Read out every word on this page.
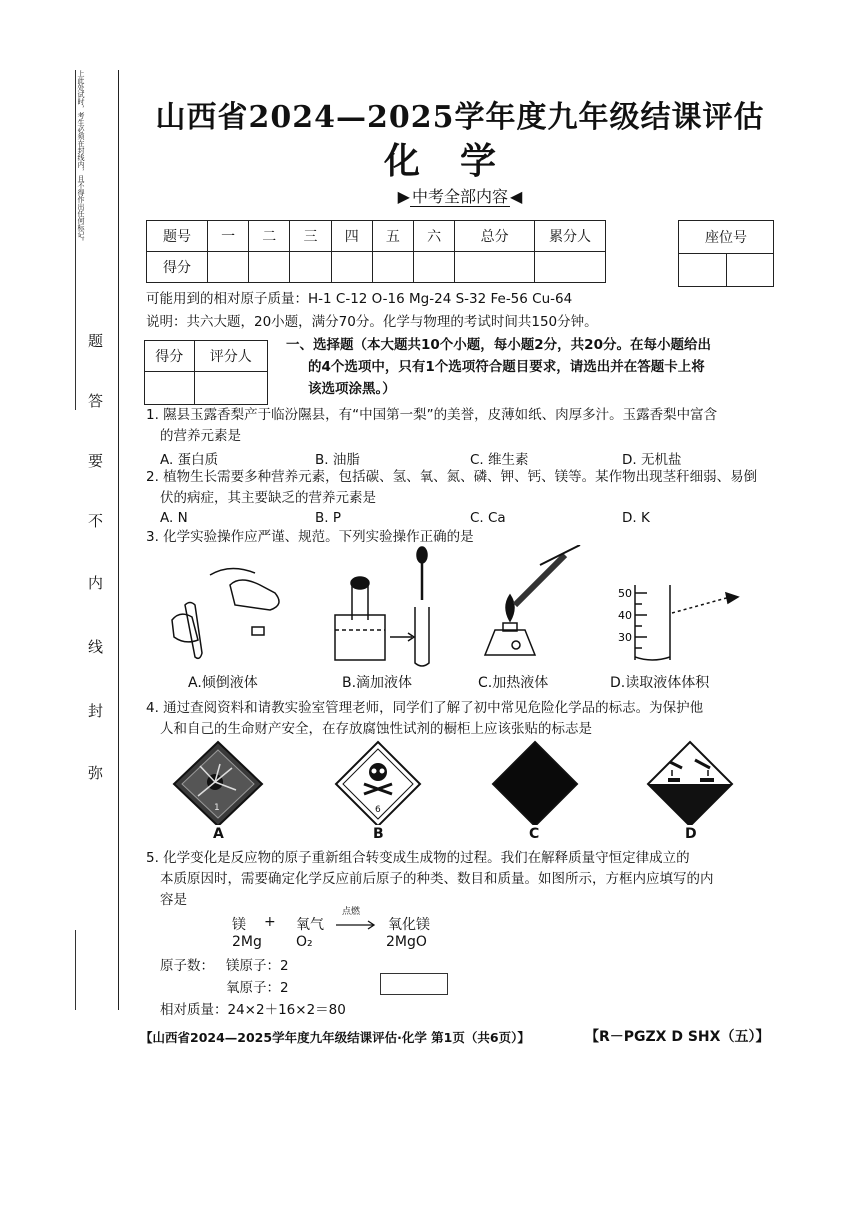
上此处试时，考生必须在封线内，且不得作出任何标记。
题
答
要
不
内
线
封
弥
山西省2024—2025学年度九年级结课评估
化学
▶ 中考全部内容 ◀
题号	一	二	三	四	五	六	总分	累分人
得分								
座位号

可能用到的相对原子质量：H-1 C-12 O-16 Mg-24 S-32 Fe-56 Cu-64
说明：共六大题，20小题，满分70分。化学与物理的考试时间共150分钟。
得分	评分人

一、选择题（本大题共10个小题，每小题2分，共20分。在每小题给出
的4个选项中，只有1个选项符合题目要求，请选出并在答题卡上将
该选项涂黑。）
1. 隰县玉露香梨产于临汾隰县，有“中国第一梨”的美誉，皮薄如纸、肉厚多汁。玉露香梨中富含
的营养元素是
A. 蛋白质	B. 油脂	C. 维生素	D. 无机盐
2. 植物生长需要多种营养元素，包括碳、氢、氧、氮、磷、钾、钙、镁等。某作物出现茎秆细弱、易倒
伏的病症，其主要缺乏的营养元素是
A. N	B. P	C. Ca	D. K
3. 化学实验操作应严谨、规范。下列实验操作正确的是
50
40
30
A.倾倒液体	B.滴加液体	C.加热液体	D.读取液体体积
4. 通过查阅资料和请教实验室管理老师，同学们了解了初中常见危险化学品的标志。为保护他
人和自己的生命财产安全，在存放腐蚀性试剂的橱柜上应该张贴的标志是
1	6
A	B	C	D
5. 化学变化是反应物的原子重新组合转变成生成物的过程。我们在解释质量守恒定律成立的
本质原因时，需要确定化学反应前后原子的种类、数目和质量。如图所示，方框内应填写的内
容是
镁 + 氧气
点燃
氧化镁
2Mg O₂	2MgO
原子数： 镁原子：2
氧原子：2
相对质量：24×2＋16×2＝80
【山西省2024—2025学年度九年级结课评估·化学 第1页（共6页）】	【R－PGZX D SHX（五）】
